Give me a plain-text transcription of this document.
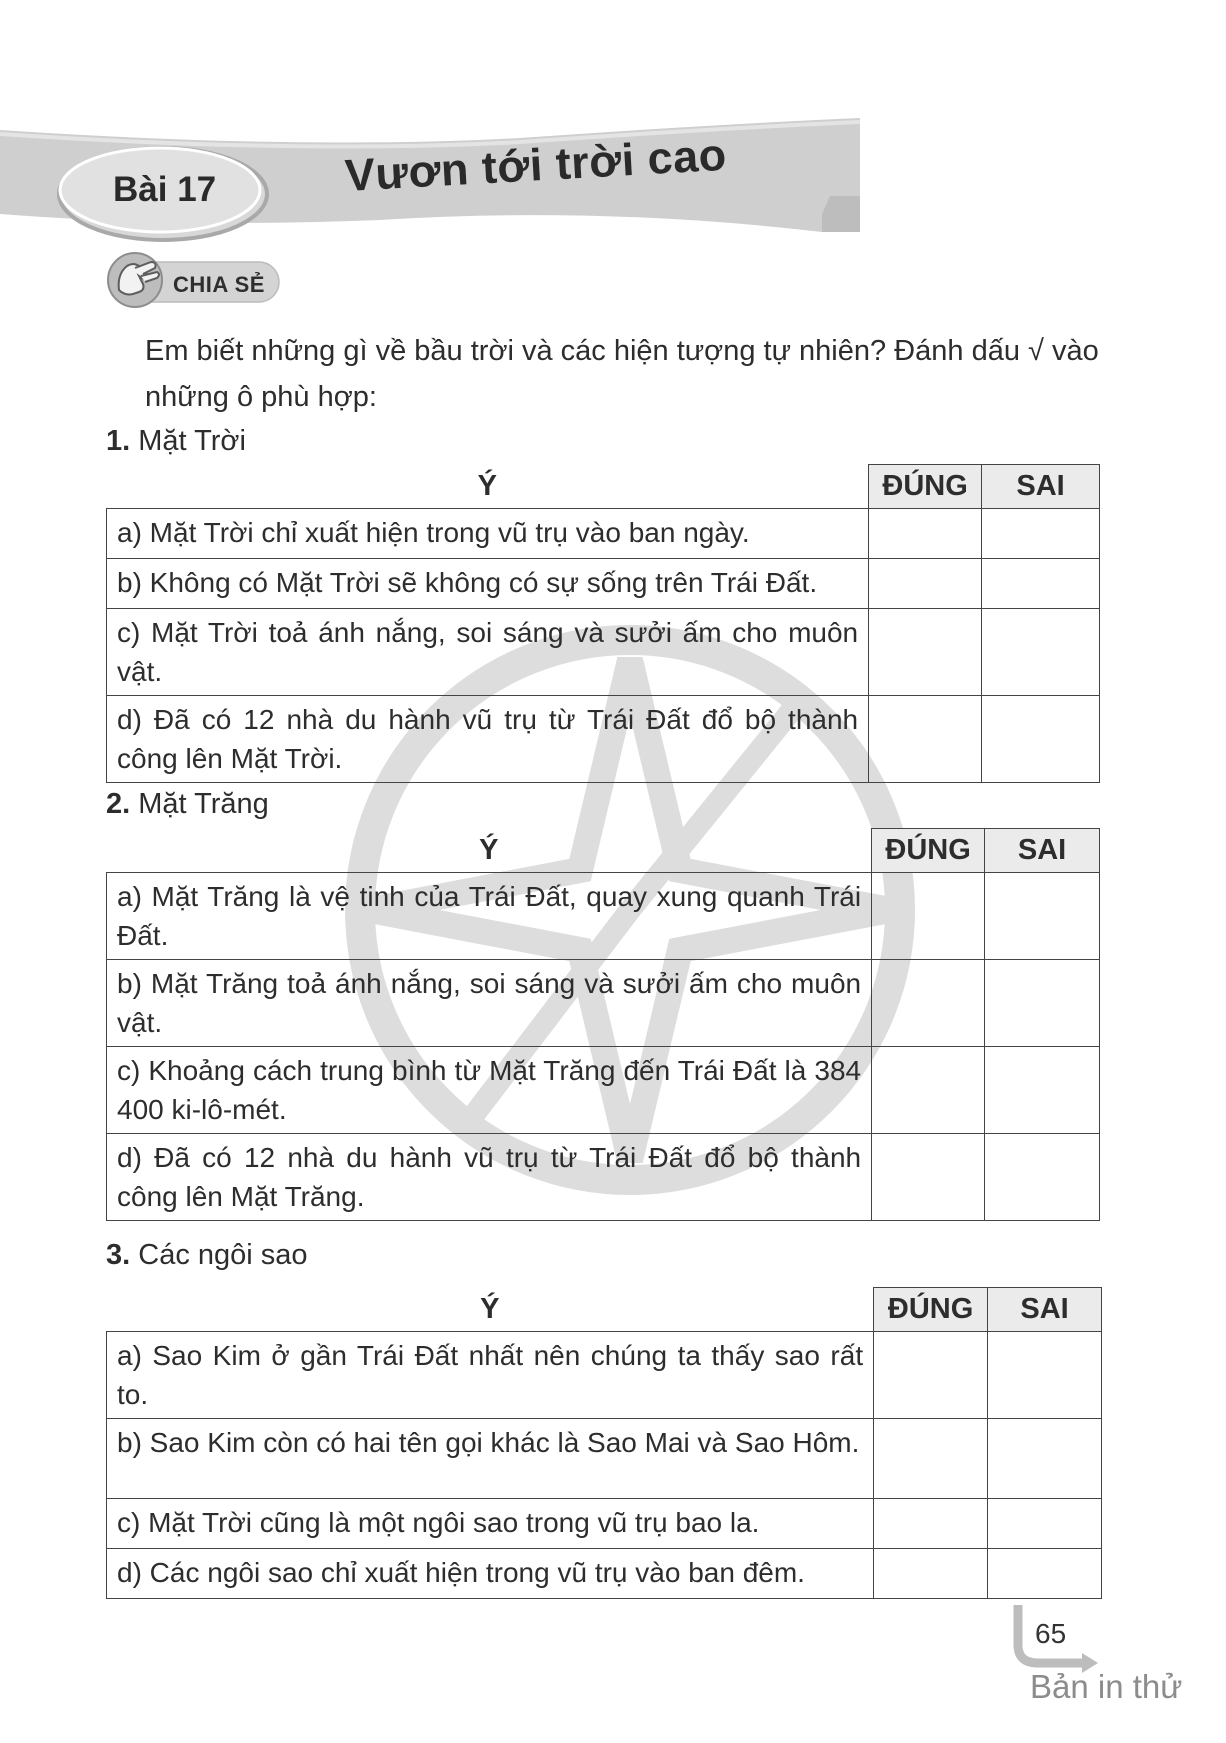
Bài 17	Vươn tới trời cao
CHIA SẺ
Em biết những gì về bầu trời và các hiện tượng tự nhiên? Đánh dấu √ vào những ô phù hợp:
1. Mặt Trời
Ý	ĐÚNG	SAI
a) Mặt Trời chỉ xuất hiện trong vũ trụ vào ban ngày.		
b) Không có Mặt Trời sẽ không có sự sống trên Trái Đất.		
c) Mặt Trời toả ánh nắng, soi sáng và sưởi ấm cho muôn vật.		
d) Đã có 12 nhà du hành vũ trụ từ Trái Đất đổ bộ thành công lên Mặt Trời.		
2. Mặt Trăng
Ý	ĐÚNG	SAI
a) Mặt Trăng là vệ tinh của Trái Đất, quay xung quanh Trái Đất.		
b) Mặt Trăng toả ánh nắng, soi sáng và sưởi ấm cho muôn vật.		
c) Khoảng cách trung bình từ Mặt Trăng đến Trái Đất là 384 400 ki-lô-mét.		
d) Đã có 12 nhà du hành vũ trụ từ Trái Đất đổ bộ thành công lên Mặt Trăng.		
3. Các ngôi sao
Ý	ĐÚNG	SAI
a) Sao Kim ở gần Trái Đất nhất nên chúng ta thấy sao rất to.		
b) Sao Kim còn có hai tên gọi khác là Sao Mai và Sao Hôm.		
c) Mặt Trời cũng là một ngôi sao trong vũ trụ bao la.		
d) Các ngôi sao chỉ xuất hiện trong vũ trụ vào ban đêm.		
65
Bản in thử
